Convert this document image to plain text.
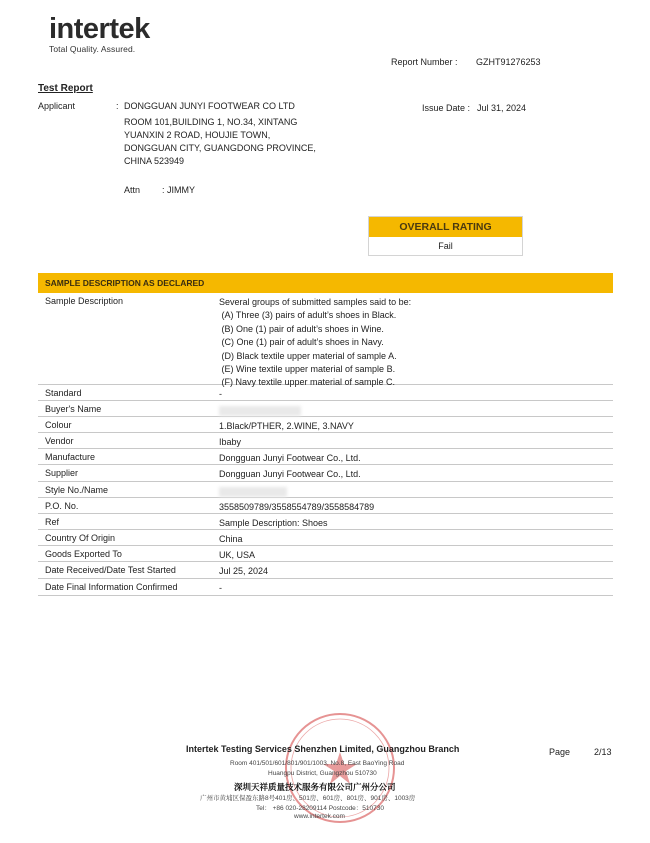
intertek
Total Quality. Assured.
Report Number : GZHT91276253
Test Report
Applicant	: DONGGUAN JUNYI FOOTWEAR CO LTD
ROOM 101,BUILDING 1, NO.34, XINTANG
YUANXIN 2 ROAD, HOUJIE TOWN,
DONGGUAN CITY, GUANGDONG PROVINCE,
CHINA 523949
Issue Date : Jul 31, 2024
Attn : JIMMY
OVERALL RATING
Fail
SAMPLE DESCRIPTION AS DECLARED
Sample Description	Several groups of submitted samples said to be:
(A) Three (3) pairs of adult’s shoes in Black.
(B) One (1) pair of adult’s shoes in Wine.
(C) One (1) pair of adult’s shoes in Navy.
(D) Black textile upper material of sample A.
(E) Wine textile upper material of sample B.
(F) Navy textile upper material of sample C.
Standard	-
Buyer's Name
Colour	1.Black/PTHER, 2.WINE, 3.NAVY
Vendor	Ibaby
Manufacture	Dongguan Junyi Footwear Co., Ltd.
Supplier	Dongguan Junyi Footwear Co., Ltd.
Style No./Name
P.O. No.	3558509789/3558554789/3558584789
Ref	Sample Description: Shoes
Country Of Origin	China
Goods Exported To	UK, USA
Date Received/Date Test Started	Jul 25, 2024
Date Final Information Confirmed	-
Intertek Testing Services Shenzhen Limited, Guangzhou Branch	Page	2/13
Room 401/501/601/801/901/1003, No.8, East BaoYing Road
Huangpu District, Guangzhou 510730
深圳天祥质量技术服务有限公司广州分公司
广州市黄埔区保盈东路8号401房、501房、601房、801房、901房、1003房
Tel： +86 020-28209114 Postcode：510730
www.intertek.com
